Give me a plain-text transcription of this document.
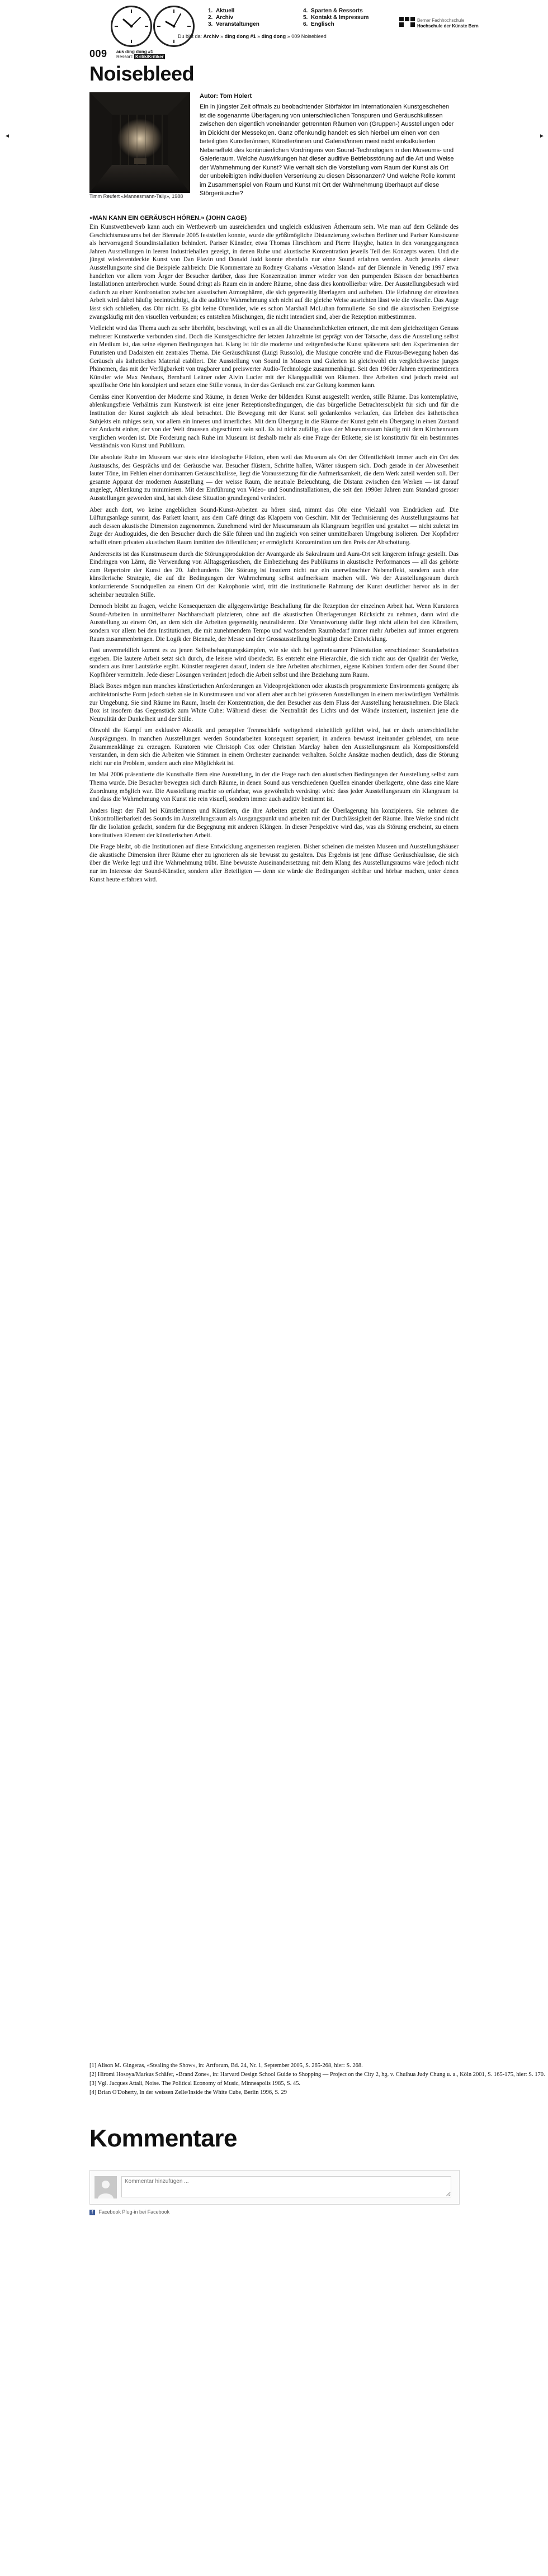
1. Aktuell
2. Archiv
3. Veranstaltungen
4. Sparten & Ressorts
5. Kontakt & Impressum
6. Englisch
Berner Fachhochschule
Hochschule der Künste Bern
Du bist da: Archiv » ding dong #1 » ding dong » 009 Noisebleed
009 aus ding dong #1
Ressort: Kritik/Kritiker
Noisebleed
◄	►
Timm Reufert «Mannesmann-Tally», 1988
Autor: Tom Holert

Ein in jüngster Zeit offmals zu beobachtender Störfaktor im internationalen Kunstgeschehen ist die sogenannte Überlagerung von unterschiedlichen Tonspuren und Geräuschkulissen zwischen den eigentlich voneinander getrennten Räumen von (Gruppen-) Ausstellungen oder im Dickicht der Messekojen. Ganz offenkundig handelt es sich hierbei um einen von den beteiligten Kunstler/innen, Künstler/innen und Galerist/innen meist nicht einkalkulierten Nebeneffekt des kontinuierlichen Vordringens von Sound-Technologien in den Museums- und Galerieraum. Welche Auswirkungen hat dieser auditive Betriebsstörung auf die Art und Weise der Wahrnehmung der Kunst? Wie verhält sich die Vorstellung vom Raum der Kunst als Ort der unbeleibigten individuellen Versenkung zu diesen Dissonanzen? Und welche Rolle kommt im Zusammenspiel von Raum und Kunst mit Ort der Wahrnehmung überhaupt auf diese Störgeräusche?

«MAN KANN EIN GERÄUSCH HÖREN.» (JOHN CAGE)

Ein Kunstwettbewerb kann auch ein Wettbewerb um ausreichenden und ungleich exklusiven Ätherraum sein. Wie man auf dem Gelände des Geschichtsmuseums bei der Biennale 2005 feststellen konnte, wurde die größtmögliche Distanzierung zwischen Berliner und Pariser Kunstszene als hervorragend Soundinstallation behindert. Pariser Künstler, etwa Thomas Hirschhorn und Pierre Huyghe, hatten in den vorangegangenen Jahren Ausstellungen in leeren Industriehallen gezeigt, in denen Ruhe und akustische Konzentration jeweils Teil des Konzepts waren. Und die jüngst wiederentdeckte Kunst von Dan Flavin und Donald Judd konnte ebenfalls nur ohne Sound erfahren werden. Auch jenseits dieser Ausstellungsorte sind die Beispiele zahlreich: Die Kommentare zu Rodney Grahams «Vexation Island» auf der Biennale in Venedig 1997 etwa handelten vor allem vom Ärger der Besucher darüber, dass ihre Konzentration immer wieder von den pumpenden Bässen der benachbarten Installationen unterbrochen wurde. Sound dringt als Raum ein in andere Räume, ohne dass dies kontrollierbar wäre. Der Ausstellungsbesuch wird dadurch zu einer Konfrontation zwischen akustischen Atmosphären, die sich gegenseitig überlagern und aufheben. Die Erfahrung der einzelnen Arbeit wird dabei häufig beeinträchtigt, da die auditive Wahrnehmung sich nicht auf die gleiche Weise ausrichten lässt wie die visuelle. Das Auge lässt sich schließen, das Ohr nicht. Es gibt keine Ohrenlider, wie es schon Marshall McLuhan formulierte. So sind die akustischen Ereignisse zwangsläufig mit den visuellen verbunden; es entstehen Mischungen, die nicht intendiert sind, aber die Rezeption mitbestimmen.

Vielleicht wird das Thema auch zu sehr überhöht, beschwingt, weil es an all die Unannehmlichkeiten erinnert, die mit dem gleichzeitigen Genuss mehrerer Kunstwerke verbunden sind. Doch die Kunstgeschichte der letzten Jahrzehnte ist geprägt von der Tatsache, dass die Ausstellung selbst ein Medium ist, das seine eigenen Bedingungen hat. Klang ist für die moderne und zeitgenössische Kunst spätestens seit den Experimenten der Futuristen und Dadaisten ein zentrales Thema. Die Geräuschkunst (Luigi Russolo), die Musique concrète und die Fluxus-Bewegung haben das Geräusch als ästhetisches Material etabliert. Die Ausstellung von Sound in Museen und Galerien ist gleichwohl ein vergleichsweise junges Phänomen, das mit der Verfügbarkeit von tragbarer und preiswerter Audio-Technologie zusammenhängt. Seit den 1960er Jahren experimentieren Künstler wie Max Neuhaus, Bernhard Leitner oder Alvin Lucier mit der Klangqualität von Räumen. Ihre Arbeiten sind jedoch meist auf spezifische Orte hin konzipiert und setzen eine Stille voraus, in der das Geräusch erst zur Geltung kommen kann.

Gemäss einer Konvention der Moderne sind Räume, in denen Werke der bildenden Kunst ausgestellt werden, stille Räume. Das kontemplative, ablenkungsfreie Verhältnis zum Kunstwerk ist eine jener Rezeptionsbedingungen, die das bürgerliche Betrachtersubjekt für sich und für die Institution der Kunst zugleich als ideal betrachtet. Die Bewegung mit der Kunst soll gedankenlos verlaufen, das Erleben des ästhetischen Subjekts ein ruhiges sein, vor allem ein inneres und innerliches. Mit dem Übergang in die Räume der Kunst geht ein Übergang in einen Zustand der Andacht einher, der von der Welt draussen abgeschirmt sein soll. Es ist nicht zufällig, dass der Museumsraum häufig mit dem Kirchenraum verglichen worden ist. Die Forderung nach Ruhe im Museum ist deshalb mehr als eine Frage der Etikette; sie ist konstitutiv für ein bestimmtes Verständnis von Kunst und Publikum.

Die absolute Ruhe im Museum war stets eine ideologische Fiktion, eben weil das Museum als Ort der Öffentlichkeit immer auch ein Ort des Austauschs, des Gesprächs und der Geräusche war. Besucher flüstern, Schritte hallen, Wärter räuspern sich. Doch gerade in der Abwesenheit lauter Töne, im Fehlen einer dominanten Geräuschkulisse, liegt die Voraussetzung für die Aufmerksamkeit, die dem Werk zuteil werden soll. Der gesamte Apparat der modernen Ausstellung — der weisse Raum, die neutrale Beleuchtung, die Distanz zwischen den Werken — ist darauf angelegt, Ablenkung zu minimieren. Mit der Einführung von Video- und Soundinstallationen, die seit den 1990er Jahren zum Standard grosser Ausstellungen geworden sind, hat sich diese Situation grundlegend verändert.

Aber auch dort, wo keine angeblichen Sound-Kunst-Arbeiten zu hören sind, nimmt das Ohr eine Vielzahl von Eindrücken auf. Die Lüftungsanlage summt, das Parkett knarrt, aus dem Café dringt das Klappern von Geschirr. Mit der Technisierung des Ausstellungsraums hat auch dessen akustische Dimension zugenommen. Zunehmend wird der Museumsraum als Klangraum begriffen und gestaltet — nicht zuletzt im Zuge der Audioguides, die den Besucher durch die Säle führen und ihn zugleich von seiner unmittelbaren Umgebung isolieren. Der Kopfhörer schafft einen privaten akustischen Raum inmitten des öffentlichen; er ermöglicht Konzentration um den Preis der Abschottung.

Andererseits ist das Kunstmuseum durch die Störungsproduktion der Avantgarde als Sakralraum und Aura-Ort seit längerem infrage gestellt. Das Eindringen von Lärm, die Verwendung von Alltagsgeräuschen, die Einbeziehung des Publikums in akustische Performances — all das gehörte zum Repertoire der Kunst des 20. Jahrhunderts. Die Störung ist insofern nicht nur ein unerwünschter Nebeneffekt, sondern auch eine künstlerische Strategie, die auf die Bedingungen der Wahrnehmung selbst aufmerksam machen will. Wo der Ausstellungsraum durch konkurrierende Soundquellen zu einem Ort der Kakophonie wird, tritt die institutionelle Rahmung der Kunst deutlicher hervor als in der scheinbar neutralen Stille.

Dennoch bleibt zu fragen, welche Konsequenzen die allgegenwärtige Beschallung für die Rezeption der einzelnen Arbeit hat. Wenn Kuratoren Sound-Arbeiten in unmittelbarer Nachbarschaft platzieren, ohne auf die akustischen Überlagerungen Rücksicht zu nehmen, dann wird die Ausstellung zu einem Ort, an dem sich die Arbeiten gegenseitig neutralisieren. Die Verantwortung dafür liegt nicht allein bei den Künstlern, sondern vor allem bei den Institutionen, die mit zunehmendem Tempo und wachsendem Raumbedarf immer mehr Arbeiten auf immer engerem Raum zusammenbringen. Die Logik der Biennale, der Messe und der Grossausstellung begünstigt diese Entwicklung.

Fast unvermeidlich kommt es zu jenen Selbstbehauptungskämpfen, wie sie sich bei gemeinsamer Präsentation verschiedener Soundarbeiten ergeben. Die lautere Arbeit setzt sich durch, die leisere wird überdeckt. Es entsteht eine Hierarchie, die sich nicht aus der Qualität der Werke, sondern aus ihrer Lautstärke ergibt. Künstler reagieren darauf, indem sie ihre Arbeiten abschirmen, eigene Kabinen fordern oder den Sound über Kopfhörer vermitteln. Jede dieser Lösungen verändert jedoch die Arbeit selbst und ihre Beziehung zum Raum.

Black Boxes mögen nun manches künstlerischen Anforderungen an Videoprojektionen oder akustisch programmierte Environments genügen; als architektonische Form jedoch stehen sie in Kunstmuseen und vor allem aber auch bei grösseren Ausstellungen in einem merkwürdigen Verhältnis zur Umgebung. Sie sind Räume im Raum, Inseln der Konzentration, die den Besucher aus dem Fluss der Ausstellung herausnehmen. Die Black Box ist insofern das Gegenstück zum White Cube: Während dieser die Neutralität des Lichts und der Wände inszeniert, inszeniert jene die Neutralität der Dunkelheit und der Stille.

Obwohl die Kampf um exklusive Akustik und perzeptive Trennschärfe weitgehend einheitlich geführt wird, hat er doch unterschiedliche Ausprägungen. In manchen Ausstellungen werden Soundarbeiten konsequent separiert; in anderen bewusst ineinander geblendet, um neue Zusammenklänge zu erzeugen. Kuratoren wie Christoph Cox oder Christian Marclay haben den Ausstellungsraum als Kompositionsfeld verstanden, in dem sich die Arbeiten wie Stimmen in einem Orchester zueinander verhalten. Solche Ansätze machen deutlich, dass die Störung nicht nur ein Problem, sondern auch eine Möglichkeit ist.

Im Mai 2006 präsentierte die Kunsthalle Bern eine Ausstellung, in der die Frage nach den akustischen Bedingungen der Ausstellung selbst zum Thema wurde. Die Besucher bewegten sich durch Räume, in denen Sound aus verschiedenen Quellen einander überlagerte, ohne dass eine klare Zuordnung möglich war. Die Ausstellung machte so erfahrbar, was gewöhnlich verdrängt wird: dass jeder Ausstellungsraum ein Klangraum ist und dass die Wahrnehmung von Kunst nie rein visuell, sondern immer auch auditiv bestimmt ist.

Anders liegt der Fall bei Künstlerinnen und Künstlern, die ihre Arbeiten gezielt auf die Überlagerung hin konzipieren. Sie nehmen die Unkontrollierbarkeit des Sounds im Ausstellungsraum als Ausgangspunkt und arbeiten mit der Durchlässigkeit der Räume. Ihre Werke sind nicht für die Isolation gedacht, sondern für die Begegnung mit anderen Klängen. In dieser Perspektive wird das, was als Störung erscheint, zu einem konstitutiven Element der künstlerischen Arbeit.

Die Frage bleibt, ob die Institutionen auf diese Entwicklung angemessen reagieren. Bisher scheinen die meisten Museen und Ausstellungshäuser die akustische Dimension ihrer Räume eher zu ignorieren als sie bewusst zu gestalten. Das Ergebnis ist jene diffuse Geräuschkulisse, die sich über die Werke legt und ihre Wahrnehmung trübt. Eine bewusste Auseinandersetzung mit dem Klang des Ausstellungsraums wäre jedoch nicht nur im Interesse der Sound-Künstler, sondern aller Beteiligten — denn sie würde die Bedingungen sichtbar und hörbar machen, unter denen Kunst heute erfahren wird.

[1] Alison M. Gingeras, «Stealing the Show», in: Artforum, Bd. 24, Nr. 1, September 2005, S. 265-268, hier: S. 268.
[2] Hiromi Hosoya/Markus Schäfer, «Brand Zone», in: Harvard Design School Guide to Shopping — Project on the City 2, hg. v. Chuihua Judy Chung u. a., Köln 2001, S. 165-175, hier: S. 170.
[3] Vgl. Jacques Attali, Noise. The Political Economy of Music, Minneapolis 1985, S. 45.
[4] Brian O'Doherty, In der weissen Zelle/Inside the White Cube, Berlin 1996, S. 29
Kommentare
Kommentar hinzufügen ...
f Facebook Plug-in bei Facebook
